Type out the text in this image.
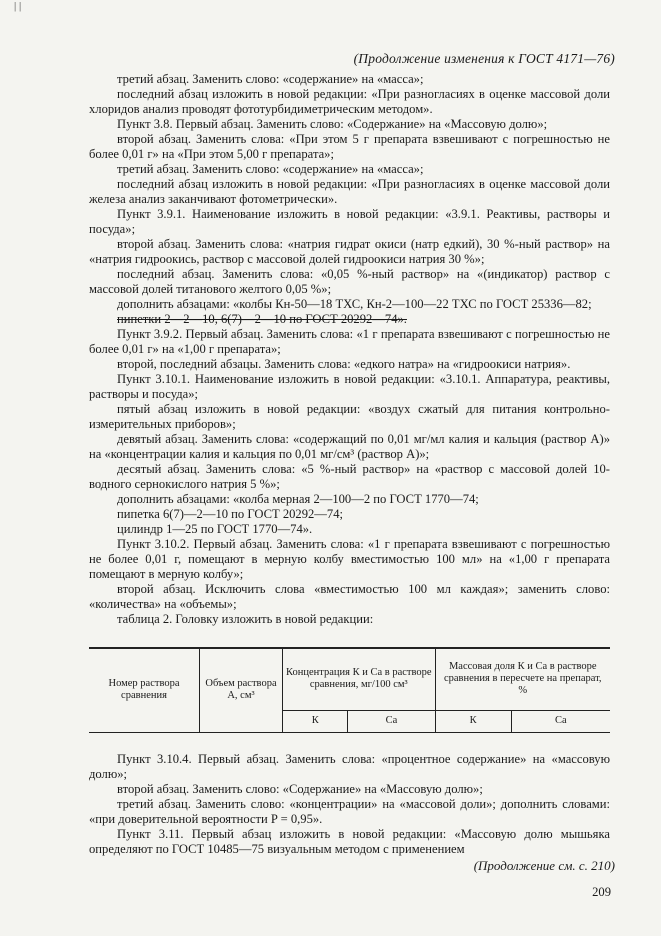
| |
(Продолжение изменения к ГОСТ 4171—76)

третий абзац. Заменить слово: «содержание» на «масса»;

последний абзац изложить в новой редакции: «При разногласиях в оценке массовой доли хлоридов анализ проводят фототурбидиметрическим методом».

Пункт 3.8. Первый абзац. Заменить слово: «Содержание» на «Массовую долю»;

второй абзац. Заменить слова: «При этом 5 г препарата взвешивают с погрешностью не более 0,01 г» на «При этом 5,00 г препарата»;

третий абзац. Заменить слово: «содержание» на «масса»;

последний абзац изложить в новой редакции: «При разногласиях в оценке массовой доли железа анализ заканчивают фотометрически».

Пункт 3.9.1. Наименование изложить в новой редакции: «3.9.1. Реактивы, растворы и посуда»;

второй абзац. Заменить слова: «натрия гидрат окиси (натр едкий), 30 %-ный раствор» на «натрия гидроокись, раствор с массовой долей гидроокиси натрия 30 %»;

последний абзац. Заменить слова: «0,05 %-ный раствор» на «(индикатор) раствор с массовой долей титанового желтого 0,05 %»;

дополнить абзацами: «колбы Кн-50—18 ТХС, Кн-2—100—22 ТХС по ГОСТ 25336—82;

пипетки 2—2—10, 6(7)—2—10 по ГОСТ 20292—74».

Пункт 3.9.2. Первый абзац. Заменить слова: «1 г препарата взвешивают с погрешностью не более 0,01 г» на «1,00 г препарата»;

второй, последний абзацы. Заменить слова: «едкого натра» на «гидроокиси натрия».

Пункт 3.10.1. Наименование изложить в новой редакции: «3.10.1. Аппаратура, реактивы, растворы и посуда»;

пятый абзац изложить в новой редакции: «воздух сжатый для питания контрольно-измерительных приборов»;

девятый абзац. Заменить слова: «содержащий по 0,01 мг/мл калия и кальция (раствор А)» на «концентрации калия и кальция по 0,01 мг/см³ (раствор А)»;

десятый абзац. Заменить слова: «5 %-ный раствор» на «раствор с массовой долей 10-водного сернокислого натрия 5 %»;

дополнить абзацами: «колба мерная 2—100—2 по ГОСТ 1770—74;

пипетка 6(7)—2—10 по ГОСТ 20292—74;

цилиндр 1—25 по ГОСТ 1770—74».

Пункт 3.10.2. Первый абзац. Заменить слова: «1 г препарата взвешивают с погрешностью не более 0,01 г, помещают в мерную колбу вместимостью 100 мл» на «1,00 г препарата помещают в мерную колбу»;

второй абзац. Исключить слова «вместимостью 100 мл каждая»; заменить слово: «количества» на «объемы»;

таблица 2. Головку изложить в новой редакции:

Номер раствора сравнения	Объем раствора А, см³	Концентрация К и Са в растворе сравнения, мг/100 см³		Массовая доля К и Са в растворе сравнения в пересчете на препарат, %	
		К	Са	К	Са

Пункт 3.10.4. Первый абзац. Заменить слова: «процентное содержание» на «массовую долю»;

второй абзац. Заменить слово: «Содержание» на «Массовую долю»;

третий абзац. Заменить слово: «концентрации» на «массовой доли»; дополнить словами: «при доверительной вероятности P = 0,95».

Пункт 3.11. Первый абзац изложить в новой редакции: «Массовую долю мышьяка определяют по ГОСТ 10485—75 визуальным методом с применением

(Продолжение см. с. 210)
209
